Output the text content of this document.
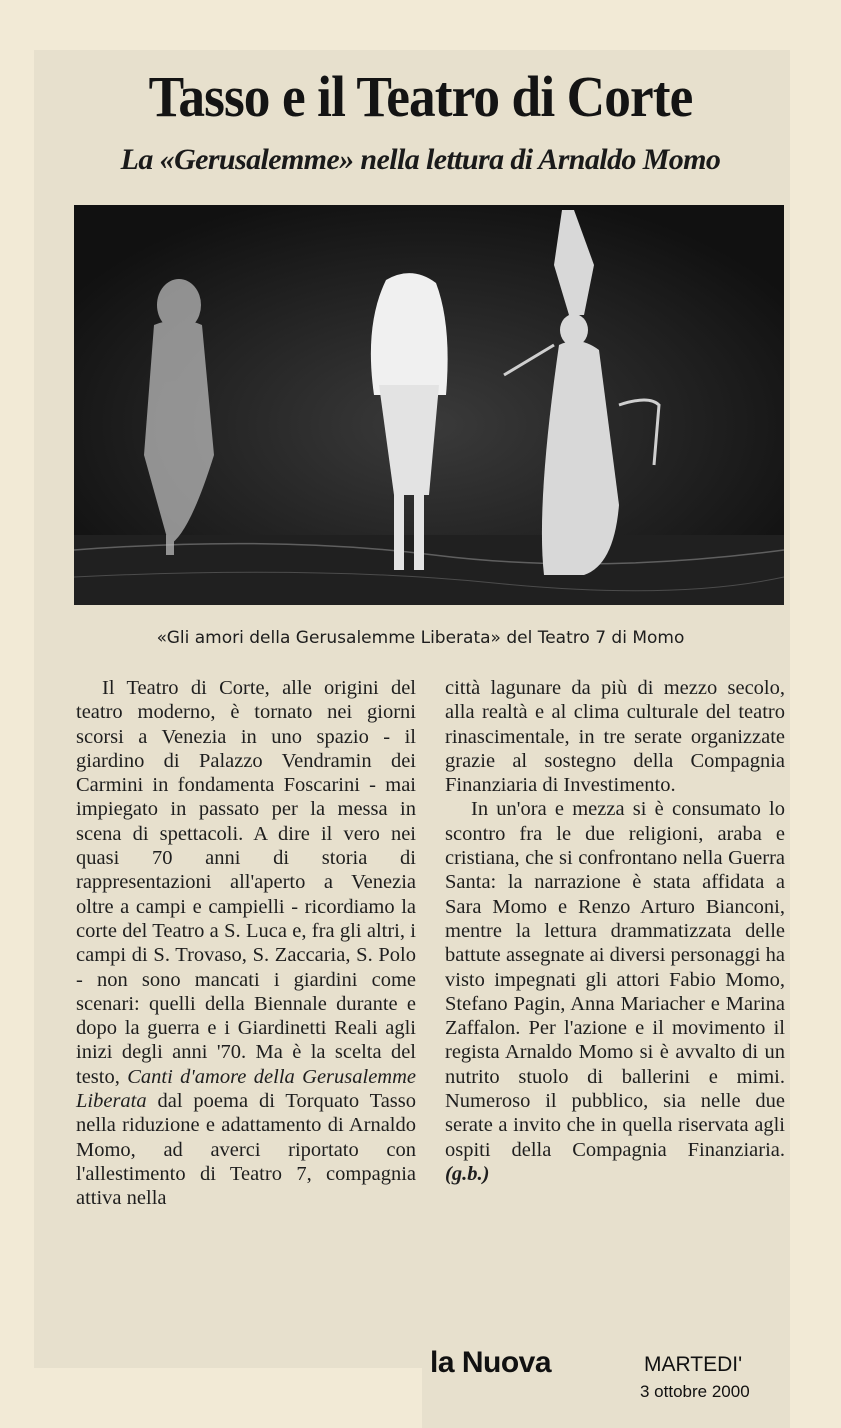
Tasso e il Teatro di Corte
La «Gerusalemme» nella lettura di Arnaldo Momo

«Gli amori della Gerusalemme Liberata» del Teatro 7 di Momo

Il Teatro di Corte, alle origini del teatro moderno, è tornato nei giorni scorsi a Venezia in uno spazio - il giardino di Palazzo Vendramin dei Carmini in fondamenta Foscarini - mai impiegato in passato per la messa in scena di spettacoli. A dire il vero nei quasi 70 anni di storia di rappresentazioni all'aperto a Venezia oltre a campi e campielli - ricordiamo la corte del Teatro a S. Luca e, fra gli altri, i campi di S. Trovaso, S. Zaccaria, S. Polo - non sono mancati i giardini come scenari: quelli della Biennale durante e dopo la guerra e i Giardinetti Reali agli inizi degli anni '70. Ma è la scelta del testo, Canti d'amore della Gerusalemme Liberata dal poema di Torquato Tasso nella riduzione e adattamento di Arnaldo Momo, ad averci riportato con l'allestimento di Teatro 7, compagnia attiva nella

città lagunare da più di mezzo secolo, alla realtà e al clima culturale del teatro rinascimentale, in tre serate organizzate grazie al sostegno della Compagnia Finanziaria di Investimento.

In un'ora e mezza si è consumato lo scontro fra le due religioni, araba e cristiana, che si confrontano nella Guerra Santa: la narrazione è stata affidata a Sara Momo e Renzo Arturo Bianconi, mentre la lettura drammatizzata delle battute assegnate ai diversi personaggi ha visto impegnati gli attori Fabio Momo, Stefano Pagin, Anna Mariacher e Marina Zaffalon. Per l'azione e il movimento il regista Arnaldo Momo si è avvalto di un nutrito stuolo di ballerini e mimi. Numeroso il pubblico, sia nelle due serate a invito che in quella riservata agli ospiti della Compagnia Finanziaria. (g.b.)

la Nuova	MARTEDI'
3 ottobre 2000
